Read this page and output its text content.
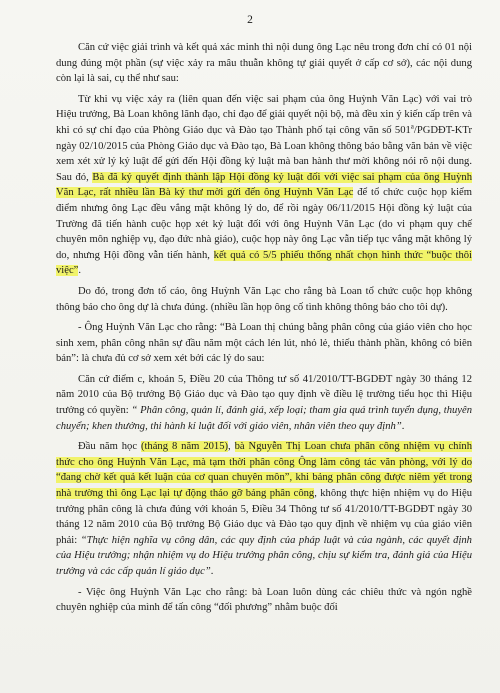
2

Căn cứ việc giải trình và kết quả xác minh thì nội dung ông Lạc nêu trong đơn chỉ có 01 nội dung đúng một phần (sự việc xảy ra mâu thuẫn không tự giải quyết ở cấp cơ sở), các nội dung còn lại là sai, cụ thể như sau:

Từ khi vụ việc xảy ra (liên quan đến việc sai phạm của ông Huỳnh Văn Lạc) với vai trò Hiệu trưởng, Bà Loan không lãnh đạo, chỉ đạo để giải quyết nội bộ, mà đều xin ý kiến cấp trên và khi có sự chỉ đạo của Phòng Giáo dục và Đào tạo Thành phố tại công văn số 501$^a$/PGDĐT-KTr ngày 02/10/2015 của Phòng Giáo dục và Đào tạo, Bà Loan không thông báo bằng văn bản về việc xem xét xử lý kỷ luật để gửi đến Hội đồng kỷ luật mà ban hành thư mời không nói rõ nội dung. Sau đó, Bà đã ký quyết định thành lập Hội đồng kỷ luật đối với việc sai phạm của ông Huỳnh Văn Lạc, rất nhiều lần Bà ký thư mời gửi đến ông Huỳnh Văn Lạc để tổ chức cuộc họp kiểm điểm nhưng ông Lạc đều vắng mặt không lý do, để rồi ngày 06/11/2015 Hội đồng kỷ luật của Trường đã tiến hành cuộc họp xét kỷ luật đối với ông Huỳnh Văn Lạc (do vi phạm quy chế chuyên môn nghiệp vụ, đạo đức nhà giáo), cuộc họp này ông Lạc vẫn tiếp tục vắng mặt không lý do, nhưng Hội đồng vẫn tiến hành, kết quả có 5/5 phiếu thống nhất chọn hình thức “buộc thôi việc”.

Do đó, trong đơn tố cáo, ông Huỳnh Văn Lạc cho rằng bà Loan tổ chức cuộc họp không thông báo cho ông dự là chưa đúng. (nhiều lần họp ông cố tình không thông báo cho tôi dự).

- Ông Huỳnh Văn Lạc cho rằng: “Bà Loan thị chúng bằng phân công của giáo viên cho học sinh xem, phân công nhân sự đầu năm một cách lén lút, nhỏ lẻ, thiếu thành phần, không có biên bản”: là chưa đủ cơ sở xem xét bởi các lý do sau:

Căn cứ điểm c, khoản 5, Điều 20 của Thông tư số 41/2010/TT-BGDĐT ngày 30 tháng 12 năm 2010 của Bộ trưởng Bộ Giáo dục và Đào tạo quy định về điều lệ trường tiểu học thì Hiệu trưởng có quyền: “ Phân công, quản lí, đánh giá, xếp loại; tham gia quá trình tuyển dụng, thuyên chuyển; khen thưởng, thi hành kỉ luật đối với giáo viên, nhân viên theo quy định”.

Đầu năm học (tháng 8 năm 2015), bà Nguyễn Thị Loan chưa phân công nhiệm vụ chính thức cho ông Huỳnh Văn Lạc, mà tạm thời phân công Ông làm công tác văn phòng, với lý do “đang chờ kết quả kết luận của cơ quan chuyên môn”, khi bảng phân công được niêm yết trong nhà trường thì ông Lạc lại tự động tháo gỡ bảng phân công, không thực hiện nhiệm vụ do Hiệu trưởng phân công là chưa đúng với khoản 5, Điều 34 Thông tư số 41/2010/TT-BGDĐT ngày 30 tháng 12 năm 2010 của Bộ trưởng Bộ Giáo dục và Đào tạo quy định về nhiệm vụ của giáo viên phải: “Thực hiện nghĩa vụ công dân, các quy định của pháp luật và của ngành, các quyết định của Hiệu trưởng; nhận nhiệm vụ do Hiệu trưởng phân công, chịu sự kiểm tra, đánh giá của Hiệu trưởng và các cấp quản lí giáo dục”.

- Việc ông Huỳnh Văn Lạc cho rằng: bà Loan luôn dùng các chiêu thức và ngón nghề chuyên nghiệp của mình để tấn công “đối phương” nhằm buộc đối
